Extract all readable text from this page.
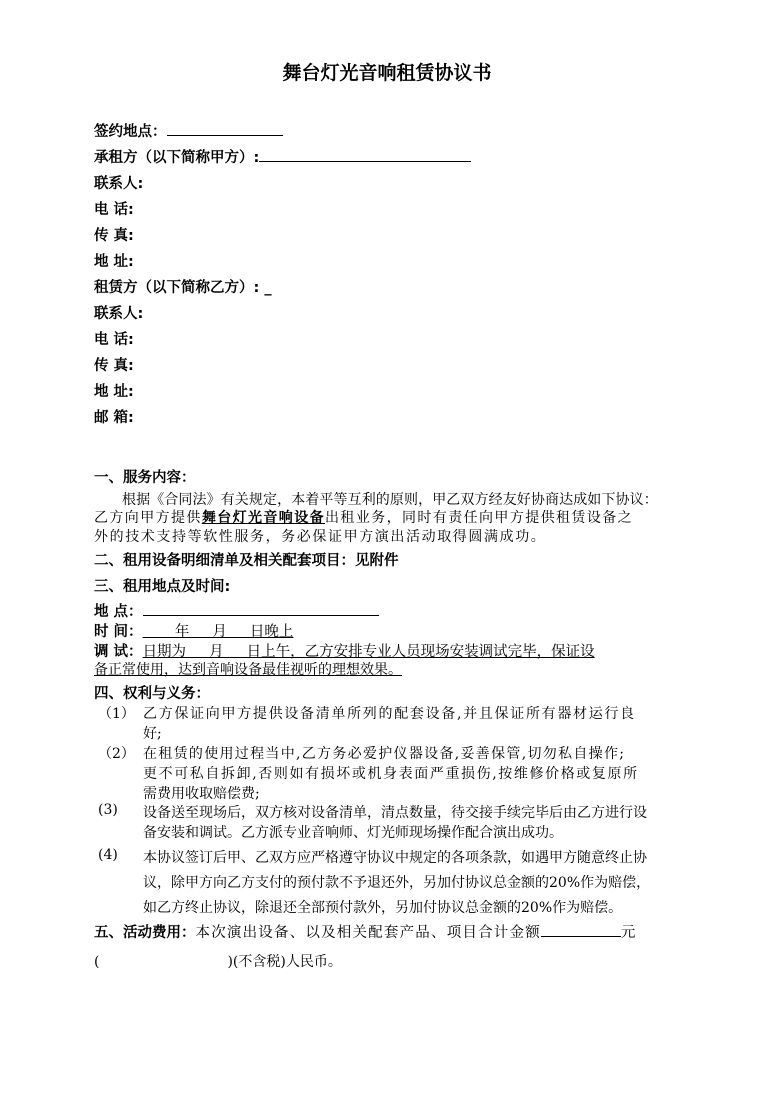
舞台灯光音响租赁协议书
签约地点：
承租方（以下简称甲方）:
联系人:
电 话:
传 真:
地 址:
租赁方（以下简称乙方）: _
联系人:
电 话:
传 真:
地 址:
邮 箱:
一、服务内容：
根据《合同法》有关规定，本着平等互利的原则，甲乙双方经友好协商达成如下协议：
乙方向甲方提供舞台灯光音响设备出租业务，同时有责任向甲方提供租赁设备之
外的技术支持等软性服务，务必保证甲方演出活动取得圆满成功。
二、租用设备明细清单及相关配套项目：见附件
三、租用地点及时间:
地 点：
时 间：       年     月     日晚上
调 试：日期为     月     日上午，乙方安排专业人员现场安装调试完毕，保证设
备正常使用，达到音响设备最佳视听的理想效果。
四、权利与义务：
（1） 乙方保证向甲方提供设备清单所列的配套设备,并且保证所有器材运行良
好;
（2） 在租赁的使用过程当中,乙方务必爱护仪器设备,妥善保管,切勿私自操作;
更不可私自拆卸,否则如有损坏或机身表面严重损伤,按维修价格或复原所
需费用收取赔偿费;
(3) 设备送至现场后，双方核对设备清单，清点数量，待交接手续完毕后由乙方进行设
备安装和调试。乙方派专业音响师、灯光师现场操作配合演出成功。
(4) 本协议签订后甲、乙双方应严格遵守协议中规定的各项条款，如遇甲方随意终止协
议，除甲方向乙方支付的预付款不予退还外，另加付协议总金额的20%作为赔偿，
如乙方终止协议，除退还全部预付款外，另加付协议总金额的20%作为赔偿。
五、活动费用：本次演出设备、以及相关配套产品、项目合计金额	元
(	)(不含税)人民币。
